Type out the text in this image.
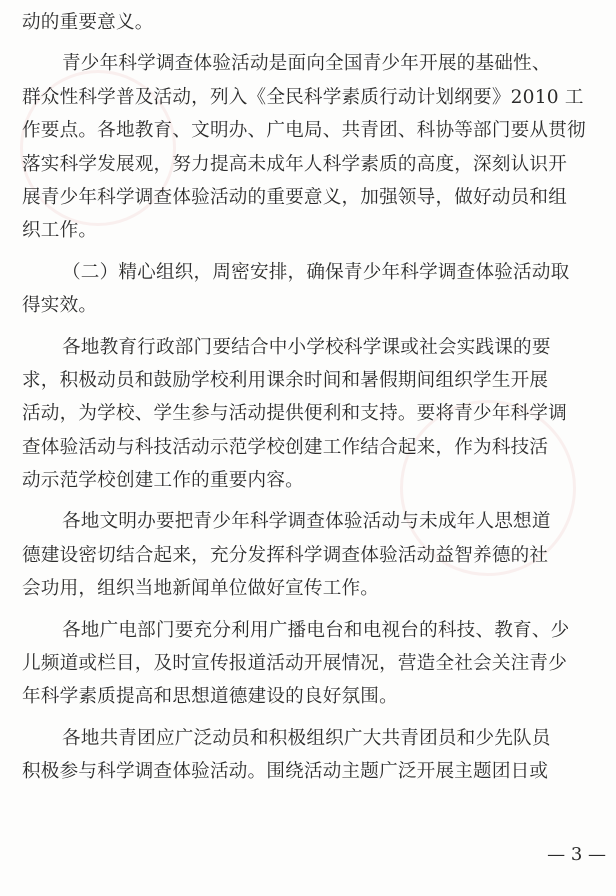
动的重要意义。
青少年科学调查体验活动是面向全国青少年开展的基础性、
群众性科学普及活动，列入《全民科学素质行动计划纲要》2010 工
作要点。各地教育、文明办、广电局、共青团、科协等部门要从贯彻
落实科学发展观，努力提高未成年人科学素质的高度，深刻认识开
展青少年科学调查体验活动的重要意义，加强领导，做好动员和组
织工作。
（二）精心组织，周密安排，确保青少年科学调查体验活动取
得实效。
各地教育行政部门要结合中小学校科学课或社会实践课的要
求，积极动员和鼓励学校利用课余时间和暑假期间组织学生开展
活动，为学校、学生参与活动提供便利和支持。要将青少年科学调
查体验活动与科技活动示范学校创建工作结合起来，作为科技活
动示范学校创建工作的重要内容。
各地文明办要把青少年科学调查体验活动与未成年人思想道
德建设密切结合起来，充分发挥科学调查体验活动益智养德的社
会功用，组织当地新闻单位做好宣传工作。
各地广电部门要充分利用广播电台和电视台的科技、教育、少
儿频道或栏目，及时宣传报道活动开展情况，营造全社会关注青少
年科学素质提高和思想道德建设的良好氛围。
各地共青团应广泛动员和积极组织广大共青团员和少先队员
积极参与科学调查体验活动。围绕活动主题广泛开展主题团日或
— 3 —
